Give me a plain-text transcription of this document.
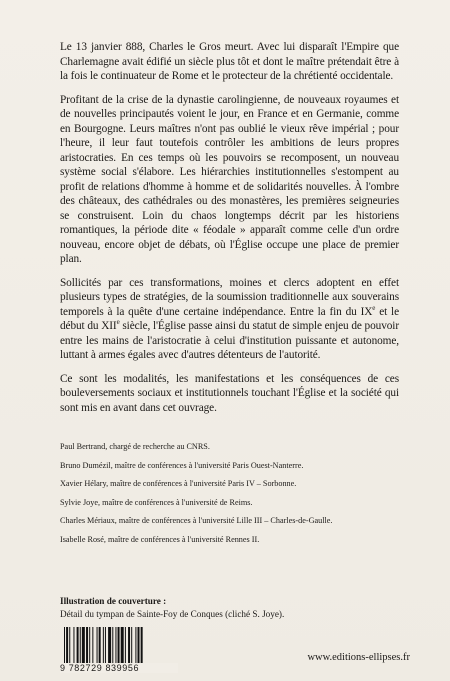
Le 13 janvier 888, Charles le Gros meurt. Avec lui disparaît l'Empire que Charlemagne avait édifié un siècle plus tôt et dont le maître prétendait être à la fois le continuateur de Rome et le protecteur de la chrétienté occidentale.

Profitant de la crise de la dynastie carolingienne, de nouveaux royaumes et de nouvelles principautés voient le jour, en France et en Germanie, comme en Bourgogne. Leurs maîtres n'ont pas oublié le vieux rêve impérial ; pour l'heure, il leur faut toutefois contrôler les ambitions de leurs propres aristocraties. En ces temps où les pouvoirs se recomposent, un nouveau système social s'élabore. Les hiérarchies institutionnelles s'estompent au profit de relations d'homme à homme et de solidarités nouvelles. À l'ombre des châteaux, des cathédrales ou des monastères, les premières seigneuries se construisent. Loin du chaos longtemps décrit par les historiens romantiques, la période dite « féodale » apparaît comme celle d'un ordre nouveau, encore objet de débats, où l'Église occupe une place de premier plan.

Sollicités par ces transformations, moines et clercs adoptent en effet plusieurs types de stratégies, de la soumission traditionnelle aux souverains temporels à la quête d'une certaine indépendance. Entre la fin du IXe et le début du XIIe siècle, l'Église passe ainsi du statut de simple enjeu de pouvoir entre les mains de l'aristocratie à celui d'institution puissante et autonome, luttant à armes égales avec d'autres détenteurs de l'autorité.

Ce sont les modalités, les manifestations et les conséquences de ces bouleversements sociaux et institutionnels touchant l'Église et la société qui sont mis en avant dans cet ouvrage.

Paul Bertrand, chargé de recherche au CNRS.
Bruno Dumézil, maître de conférences à l'université Paris Ouest-Nanterre.
Xavier Hélary, maître de conférences à l'université Paris IV – Sorbonne.
Sylvie Joye, maître de conférences à l'université de Reims.
Charles Mériaux, maître de conférences à l'université Lille III – Charles-de-Gaulle.
Isabelle Rosé, maître de conférences à l'université Rennes II.
Illustration de couverture :
Détail du tympan de Sainte-Foy de Conques (cliché S. Joye).
9 782729 839956
www.editions-ellipses.fr
